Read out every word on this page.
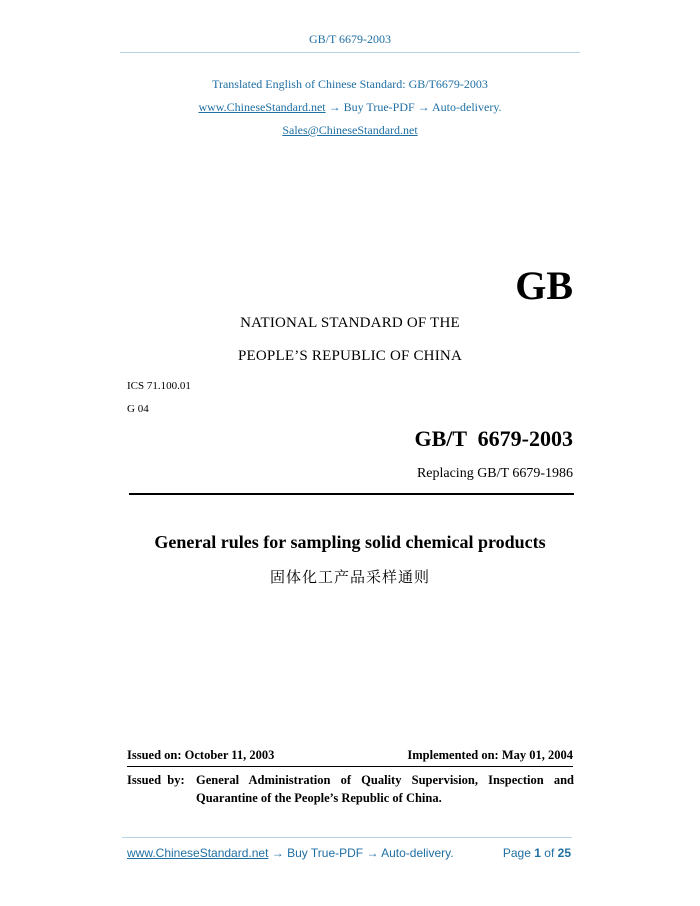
GB/T 6679-2003
Translated English of Chinese Standard: GB/T6679-2003
www.ChineseStandard.net → Buy True-PDF → Auto-delivery.
Sales@ChineseStandard.net
GB
NATIONAL STANDARD OF THE
PEOPLE’S REPUBLIC OF CHINA
ICS 71.100.01
G 04
GB/T  6679-2003
Replacing GB/T 6679-1986
General rules for sampling solid chemical products
固体化工产品采样通则
Issued on: October 11, 2003	Implemented on: May 01, 2004
Issued  by: General Administration of Quality Supervision, Inspection and
Quarantine of the People’s Republic of China.
www.ChineseStandard.net → Buy True-PDF → Auto-delivery.	Page 1 of 25
